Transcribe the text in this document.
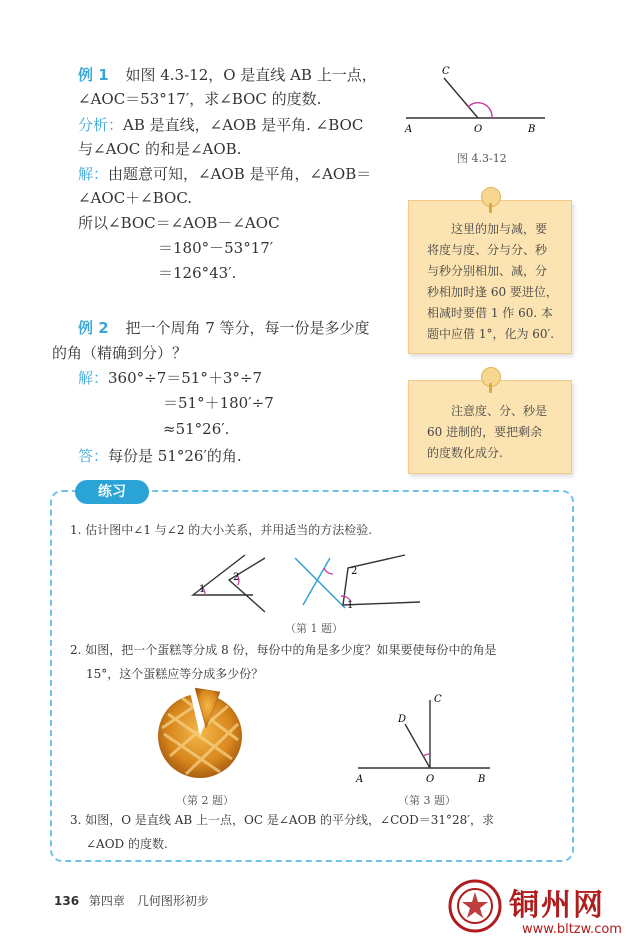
例 1 如图 4.3-12，O 是直线 AB 上一点，
∠AOC＝53°17′，求∠BOC 的度数.
分析：AB 是直线，∠AOB 是平角. ∠BOC
与∠AOC 的和是∠AOB.
解：由题意可知，∠AOB 是平角，∠AOB＝
∠AOC＋∠BOC.
所以∠BOC＝∠AOB－∠AOC
＝180°－53°17′
＝126°43′.
A	O	B
C
图 4.3-12
这里的加与减，要
将度与度、分与分、秒
与秒分别相加、减，分
秒相加时逢 60 要进位，
相减时要借 1 作 60. 本
题中应借 1°，化为 60′.
例 2 把一个周角 7 等分，每一份是多少度
的角（精确到分）？
解：360°÷7＝51°＋3°÷7
＝51°＋180′÷7
≈51°26′.
答：每份是 51°26′的角.
注意度、分、秒是
60 进制的，要把剩余
的度数化成分.
练习
1. 估计图中∠1 与∠2 的大小关系，并用适当的方法检验.
1
2
2
1
（第 1 题）
2. 如图，把一个蛋糕等分成 8 份，每份中的角是多少度？如果要使每份中的角是
15°，这个蛋糕应等分成多少份？
（第 2 题）
A	O	B
C
D
（第 3 题）
3. 如图，O 是直线 AB 上一点，OC 是∠AOB 的平分线，∠COD＝31°28′，求
∠AOD 的度数.
136 第四章　几何图形初步	铜州网
www.bltzw.com
